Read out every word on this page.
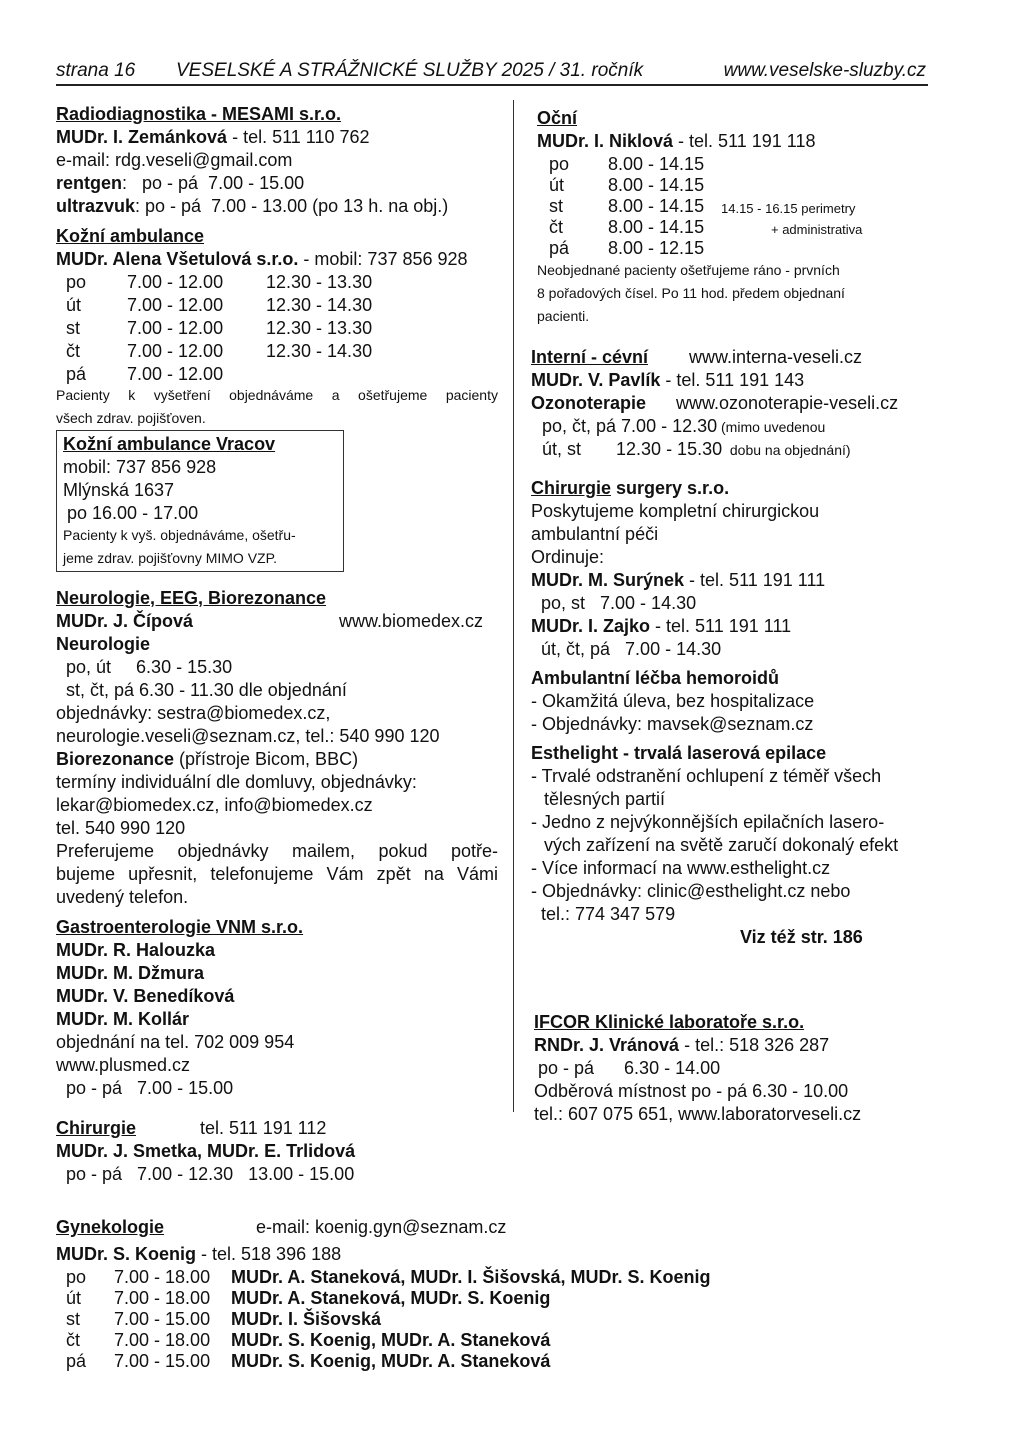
strana 16 VESELSKÉ A STRÁŽNICKÉ SLUŽBY 2025 / 31. ročník	www.veselske-sluzby.cz
Radiodiagnostika - MESAMI s.r.o.
MUDr. I. Zemánková - tel. 511 110 762
e-mail: rdg.veseli@gmail.com
rentgen:   po - pá  7.00 - 15.00
ultrazvuk: po - pá  7.00 - 13.00 (po 13 h. na obj.)
Kožní ambulance
MUDr. Alena Všetulová s.r.o. - mobil: 737 856 928
po 7.00 - 12.00 12.30 - 13.30
út	7.00 - 12.00 12.30 - 14.30
st	7.00 - 12.00 12.30 - 13.30
čt	7.00 - 12.00 12.30 - 14.30
pá 7.00 - 12.00
Pacienty k vyšetření objednáváme a ošetřujeme pacienty
všech zdrav. pojišťoven.
Kožní ambulance Vracov
mobil: 737 856 928
Mlýnská 1637
po 16.00 - 17.00
Pacienty k vyš. objednáváme, ošetřu-
jeme zdrav. pojišťovny MIMO VZP.
Neurologie, EEG, Biorezonance
MUDr. J. Čípová	www.biomedex.cz
Neurologie
po, út     6.30 - 15.30
st, čt, pá 6.30 - 11.30 dle objednání
objednávky: sestra@biomedex.cz,
neurologie.veseli@seznam.cz, tel.: 540 990 120
Biorezonance (přístroje Bicom, BBC)
termíny individuální dle domluvy, objednávky:
lekar@biomedex.cz, info@biomedex.cz
tel. 540 990 120
Preferujeme objednávky mailem, pokud potře-
bujeme upřesnit, telefonujeme Vám zpět na Vámi
uvedený telefon.
Gastroenterologie VNM s.r.o.
MUDr. R. Halouzka
MUDr. M. Džmura
MUDr. V. Benedíková
MUDr. M. Kollár
objednání na tel. 702 009 954
www.plusmed.cz
po - pá   7.00 - 15.00
Chirurgie	tel. 511 191 112
MUDr. J. Smetka, MUDr. E. Trlidová
po - pá   7.00 - 12.30   13.00 - 15.00
Gynekologie	e-mail: koenig.gyn@seznam.cz
MUDr. S. Koenig - tel. 518 396 188
po 7.00 - 18.00 MUDr. A. Staneková, MUDr. I. Šišovská, MUDr. S. Koenig
út 7.00 - 18.00 MUDr. A. Staneková, MUDr. S. Koenig
st 7.00 - 15.00 MUDr. I. Šišovská
čt 7.00 - 18.00 MUDr. S. Koenig, MUDr. A. Staneková
pá 7.00 - 15.00 MUDr. S. Koenig, MUDr. A. Staneková
Oční
MUDr. I. Niklová - tel. 511 191 118
po 8.00 - 14.15
út 8.00 - 14.15
st 8.00 - 14.15 14.15 - 16.15 perimetry
čt 8.00 - 14.15	+ administrativa
pá 8.00 - 12.15
Neobjednané pacienty ošetřujeme ráno - prvních
8 pořadových čísel. Po 11 hod. předem objednaní
pacienti.
Interní - cévní www.interna-veseli.cz
MUDr. V. Pavlík - tel. 511 191 143
Ozonoterapie www.ozonoterapie-veseli.cz
po, čt, pá 7.00 - 12.30 (mimo uvedenou
út, st       12.30 - 15.30  dobu na objednání)
Chirurgie surgery s.r.o.
Poskytujeme kompletní chirurgickou
ambulantní péči
Ordinuje:
MUDr. M. Surýnek - tel. 511 191 111
po, st   7.00 - 14.30
MUDr. I. Zajko - tel. 511 191 111
út, čt, pá   7.00 - 14.30
Ambulantní léčba hemoroidů
- Okamžitá úleva, bez hospitalizace
- Objednávky: mavsek@seznam.cz
Esthelight - trvalá laserová epilace
- Trvalé odstranění ochlupení z téměř všech
tělesných partií
- Jedno z nejvýkonnějších epilačních lasero-
vých zařízení na světě zaručí dokonalý efekt
- Více informací na www.esthelight.cz
- Objednávky: clinic@esthelight.cz nebo
tel.: 774 347 579
Viz též str. 186
IFCOR Klinické laboratoře s.r.o.
RNDr. J. Vránová - tel.: 518 326 287
po - pá      6.30 - 14.00
Odběrová místnost po - pá 6.30 - 10.00
tel.: 607 075 651, www.laboratorveseli.cz
